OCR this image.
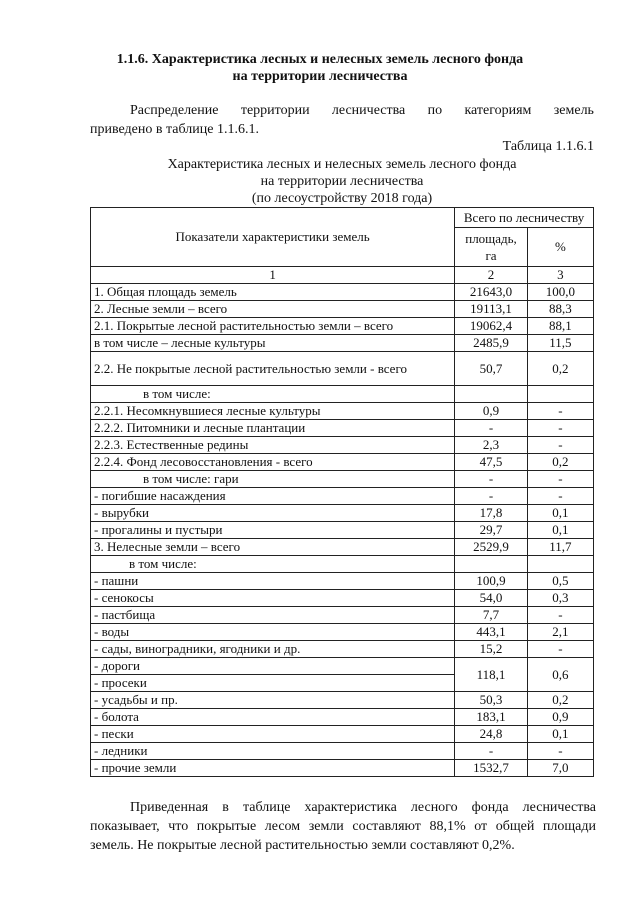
1.1.6. Характеристика лесных и нелесных земель лесного фонда
на территории лесничества
Распределение территории лесничества по категориям земель
приведено в таблице 1.1.6.1.
Таблица 1.1.6.1
Характеристика лесных и нелесных земель лесного фонда
на территории лесничества
(по лесоустройству 2018 года)
Показатели характеристики земель	Всего по лесничеству	
	площадь, га	%
1	2	3
1. Общая площадь земель	21643,0	100,0
2. Лесные земли – всего	19113,1	88,3
2.1. Покрытые лесной растительностью земли – всего	19062,4	88,1
в том числе – лесные культуры	2485,9	11,5
2.2. Не покрытые лесной растительностью земли - всего	50,7	0,2
в том числе:		
2.2.1. Несомкнувшиеся лесные культуры	0,9	-
2.2.2. Питомники и лесные плантации	-	-
2.2.3. Естественные редины	2,3	-
2.2.4. Фонд лесовосстановления - всего	47,5	0,2
в том числе: гари	-	-
- погибшие насаждения	-	-
- вырубки	17,8	0,1
- прогалины и пустыри	29,7	0,1
3. Нелесные земли – всего	2529,9	11,7
в том числе:		
- пашни	100,9	0,5
- сенокосы	54,0	0,3
- пастбища	7,7	-
- воды	443,1	2,1
- сады, виноградники, ягодники и др.	15,2	-
- дороги	118,1	0,6
- просеки		
- усадьбы и пр.	50,3	0,2
- болота	183,1	0,9
- пески	24,8	0,1
- ледники	-	-
- прочие земли	1532,7	7,0

Приведенная в таблице характеристика лесного фонда лесничества показывает, что покрытые лесом земли составляют 88,1% от общей площади земель. Не покрытые лесной растительностью земли составляют 0,2%.
